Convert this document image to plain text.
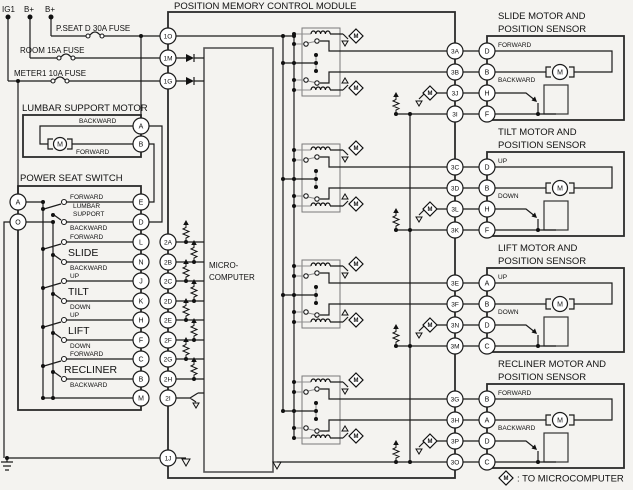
M
M
M
M
M
M
M
M
M
M
M
M
IG1 B+ B+
P.SEAT D 30A FUSE
ROOM 15A FUSE
METER1 10A FUSE
POSITION MEMORY CONTROL MODULE
MICRO-
COMPUTER
LUMBAR SUPPORT MOTOR
BACKWARD
FORWARD
M
A
B
POWER SEAT SWITCH
A
O
E
D
L
N
J
K
H
F
C
B
M
FORWARD
LUMBAR
SUPPORT
BACKWARD
FORWARD
SLIDE
BACKWARD
UP
TILT
DOWN
UP
LIFT
DOWN
FORWARD
RECLINER
BACKWARD
1O
1M
1G
2A
2B
2C
2D
2E
2F
2G
2H
2I
1J
3A
3B
3J
3I
3C
3D
3L
3K
3E
3F
3N
3M
3G
3H
3P
3O
D
B
H
F
D
B
H
F
A
B
D
C
B
A
D
C
SLIDE MOTOR AND
POSITION SENSOR
TILT MOTOR AND
POSITION SENSOR
LIFT MOTOR AND
POSITION SENSOR
RECLINER MOTOR AND
POSITION SENSOR
FORWARD
BACKWARD
UP
DOWN
UP
DOWN
FORWARD
BACKWARD
M
M
M
M
M : TO MICROCOMPUTER
